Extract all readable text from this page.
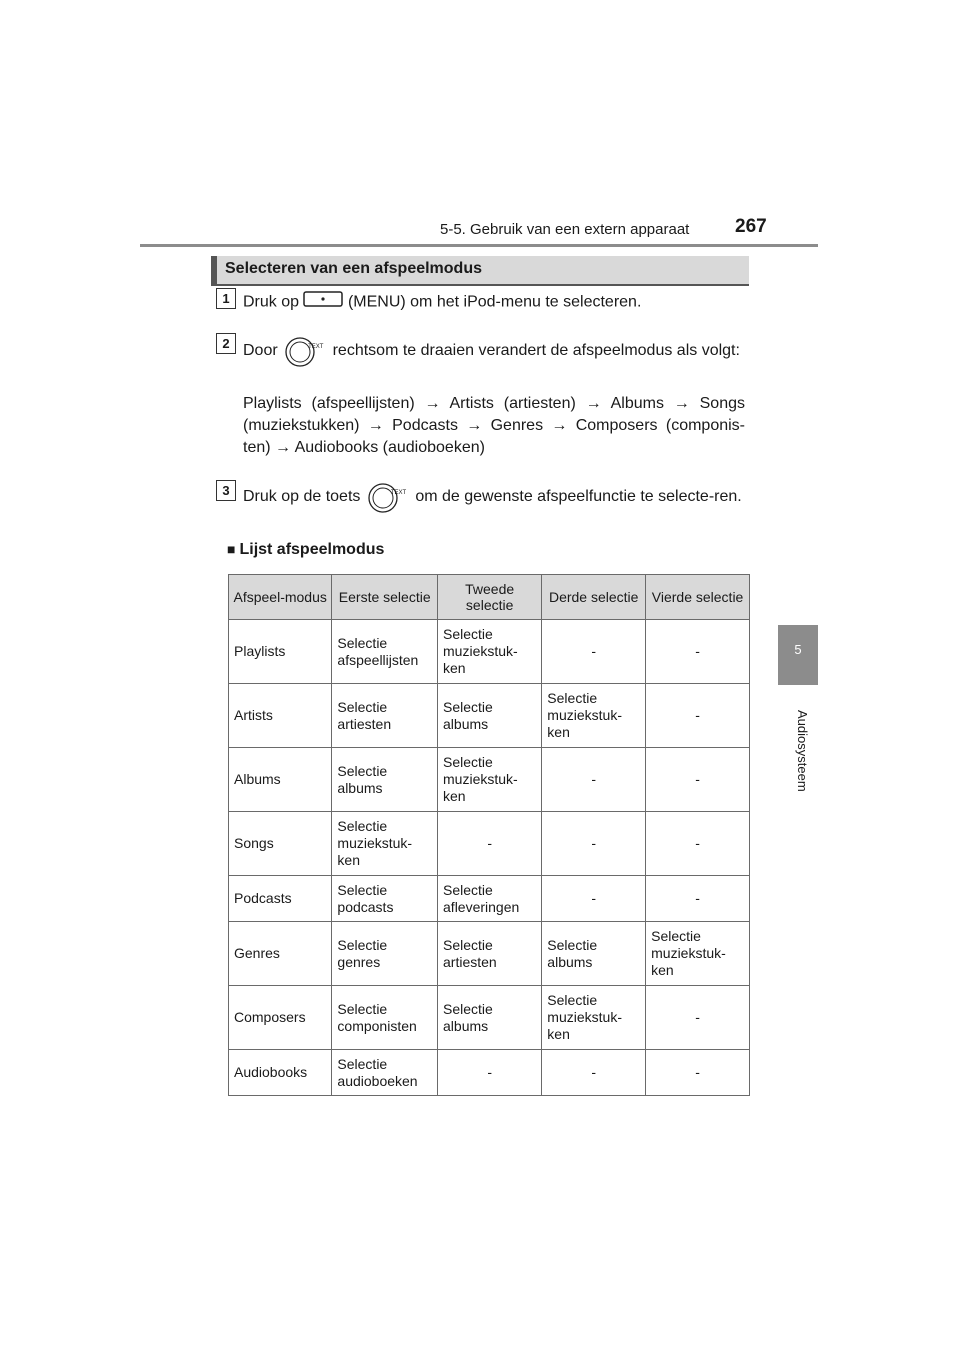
5-5. Gebruik van een extern apparaat 267
5
Audiosysteem
Selecteren van een afspeelmodus
1 Druk op	(MENU) om het iPod-menu te selecteren.
2 Door	TEXT rechtsom te draaien verandert de afspeelmodus als volgt:
Playlists (afspeellijsten) → Artists (artiesten) → Albums → Songs (muziekstukken) → Podcasts → Genres → Composers (componis-ten) → Audiobooks (audioboeken)
3 Druk op de toets	TEXT om de gewenste afspeelfunctie te selecte-ren.
■ Lijst afspeelmodus
Afspeel-modus	Eerste selectie	Tweede selectie	Derde selectie	Vierde selectie
Playlists	Selectie afspeellijsten	Selectie muziekstuk-ken	-	-
Artists	Selectie artiesten	Selectie albums	Selectie muziekstuk-ken	-
Albums	Selectie albums	Selectie muziekstuk-ken	-	-
Songs	Selectie muziekstuk-ken	-	-	-
Podcasts	Selectie podcasts	Selectie afleveringen	-	-
Genres	Selectie genres	Selectie artiesten	Selectie albums	Selectie muziekstuk-ken
Composers	Selectie componisten	Selectie albums	Selectie muziekstuk-ken	-
Audiobooks	Selectie audioboeken	-	-	-
